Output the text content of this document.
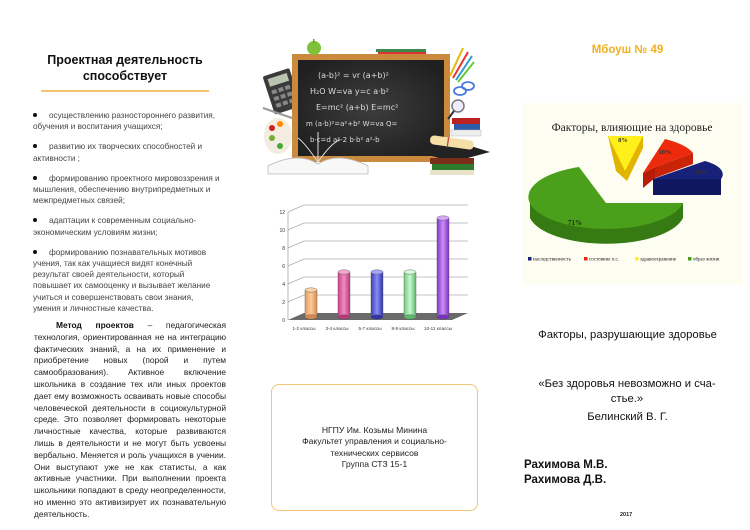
Проектная деятельность
способствует
осуществлению разностороннего развития, обучения и воспитания учащихся;
развитию их творческих способностей и активности ;
формированию проектного мировоззрения и мышления, обеспечению внутрипредметных и межпредметных связей;
адаптации к современным социально-экономическим условиям жизни;
формированию познавательных мотивов учения, так как учащиеся видят конечный результат своей деятельности, который повышает их самооценку и вызывает желание учиться и совершенствовать свои знания, умения и личностные качества.

Метод проектов – педагогическая технология, ориентированная не на интеграцию фактических знаний, а на их применение и приобретение новых (порой и путем самообразования). Активное включение школьника в создание тех или иных проектов дает ему возможность осваивать новые способы человеческой деятельности в социокультурной среде. Это позволяет формировать некоторые личностные качества, которые развиваются лишь в деятельности и не могут быть усвоены вербально. Меняется и роль учащихся в учении. Они выступают уже не как статисты, а как активные участники. При выполнении проекта школьники попадают в среду неопределенности, но именно это активизирует их познавательную деятельность.

(a-b)² = vr (a+b)²
H₂O W=va y=c a·b²
E=mc² (a+b) E=mc²
m (a·b)²=a²+b² W=va Q=
b·c=d a²-2 b·b² a²-b
0
2
4
6
8
10
12
1-2 классы 3-4 классы 5-7 классы 8-9 классы 10-11 классы
НГПУ Им. Козьмы Минина
Факультет управления и социально-
технических сервисов
Группа СТЗ 15-1
Мбоуш № 49
Факторы, влияющие на здоровье
8%
10%
10%
71%
наследственность	состояние о.с.	здравоохранение	образ жизни
Факторы, разрушающие здоровье
«Без здоровья невозможно и сча-
стье.»
Белинский В. Г.
Рахимова М.В.
Рахимова Д.В.
2017
